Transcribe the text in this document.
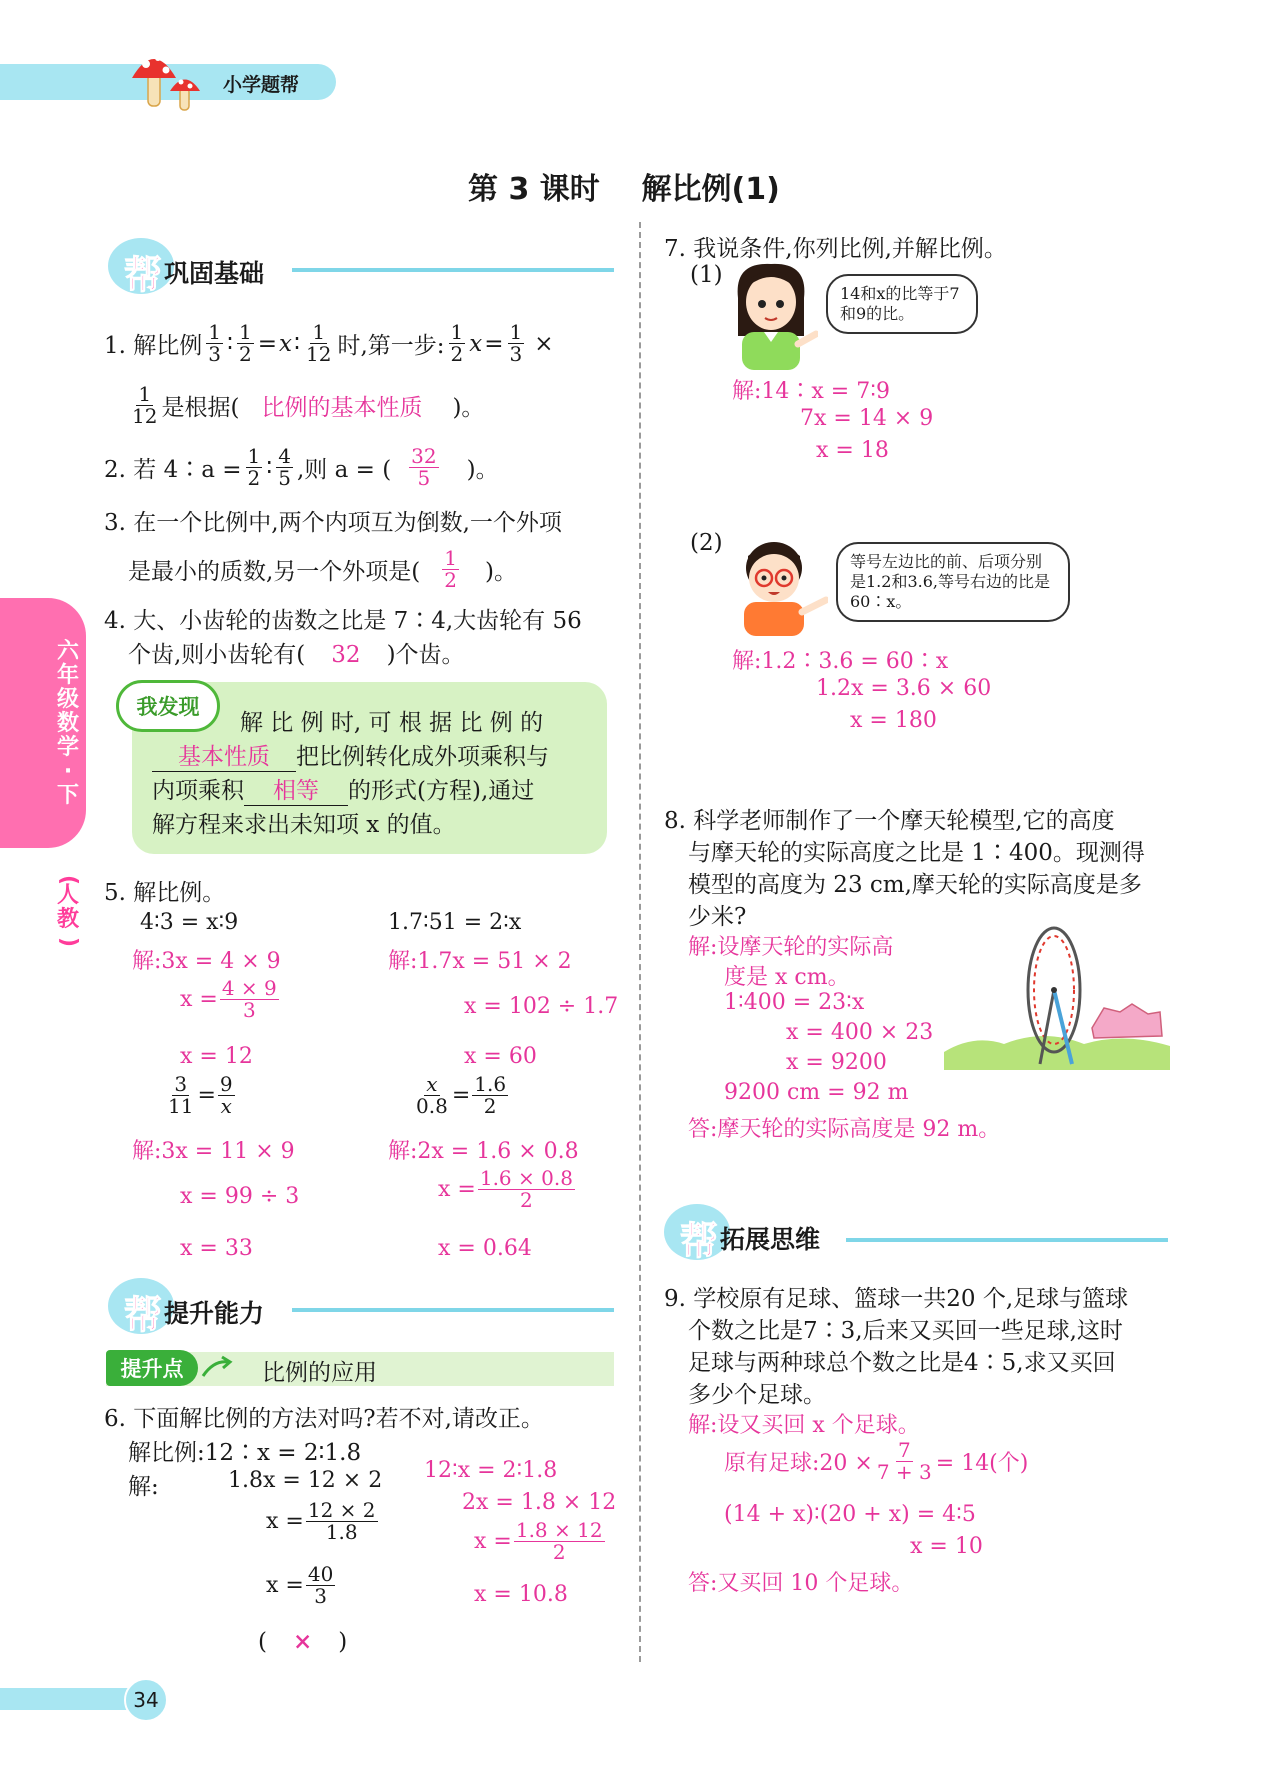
小学题帮
第 3 课时    解比例(1)
六
年
级
数
学
·
下
(
人
教
)
帮 巩固基础
1. 解比例 $\frac{1}{3}$ ∶ $\frac{1}{2} = x$ ∶ $\frac{1}{12}$ 时,第一步: $\frac{1}{2}$ $x = \frac{1}{3}$ ×
$\frac{1}{12}$ 是根据( 比例的基本性质 )。
2. 若 4∶a = $\frac{1}{2}$ ∶ $\frac{4}{5}$ ,则 a = ( $\frac{32}{5}$ )。
3. 在一个比例中,两个内项互为倒数,一个外项
是最小的质数,另一个外项是( $\frac{1}{2}$ )。
4. 大、小齿轮的齿数之比是 7∶4,大齿轮有 56
个齿,则小齿轮有( 32 )个齿。
我发现
解 比 例 时, 可 根 据 比 例 的
基本性质 把比例转化成外项乘积与
内项乘积 相等 的形式(方程),通过
解方程来求出未知项 x 的值。
5. 解比例。
4∶3 = x∶9
解:3x = 4 × 9
$x = \frac{4 \times 9}{3}$
x = 12
1.7∶51 = 2∶x
解:1.7x = 51 × 2
x = 102 ÷ 1.7
x = 60
$\frac{3}{11} = \frac{9}{x}$
解:3x = 11 × 9
x = 99 ÷ 3
x = 33
$\frac{x}{0.8} = \frac{1.6}{2}$
解:2x = 1.6 × 0.8
$x = \frac{1.6 \times 0.8}{2}$
x = 0.64
帮 提升能力
提升点	比例的应用
6. 下面解比例的方法对吗?若不对,请改正。
解比例:12∶x = 2∶1.8
解:	1.8x = 12 × 2
$x = \frac{12 \times 2}{1.8}$
$x = \frac{40}{3}$
12∶x = 2∶1.8
2x = 1.8 × 12
$x = \frac{1.8 \times 12}{2}$
x = 10.8
( × )
7. 我说条件,你列比例,并解比例。
(1)
14和x的比等于7和9的比。
解:14∶x = 7∶9
7x = 14 × 9
x = 18
(2)
等号左边比的前、后项分别是1.2和3.6,等号右边的比是60∶x。
解:1.2∶3.6 = 60∶x
1.2x = 3.6 × 60
x = 180
8. 科学老师制作了一个摩天轮模型,它的高度
与摩天轮的实际高度之比是 1∶400。现测得
模型的高度为 23 cm,摩天轮的实际高度是多
少米?
解:设摩天轮的实际高
度是 x cm。
1∶400 = 23∶x
x = 400 × 23
x = 9200
9200 cm = 92 m
答:摩天轮的实际高度是 92 m。
帮 拓展思维
9. 学校原有足球、篮球一共20 个,足球与篮球
个数之比是7∶3,后来又买回一些足球,这时
足球与两种球总个数之比是4∶5,求又买回
多少个足球。
解:设又买回 x 个足球。
原有足球:20 × $\frac{7}{7 + 3} = 14$(个)
(14 + x)∶(20 + x) = 4∶5
x = 10
答:又买回 10 个足球。
34
